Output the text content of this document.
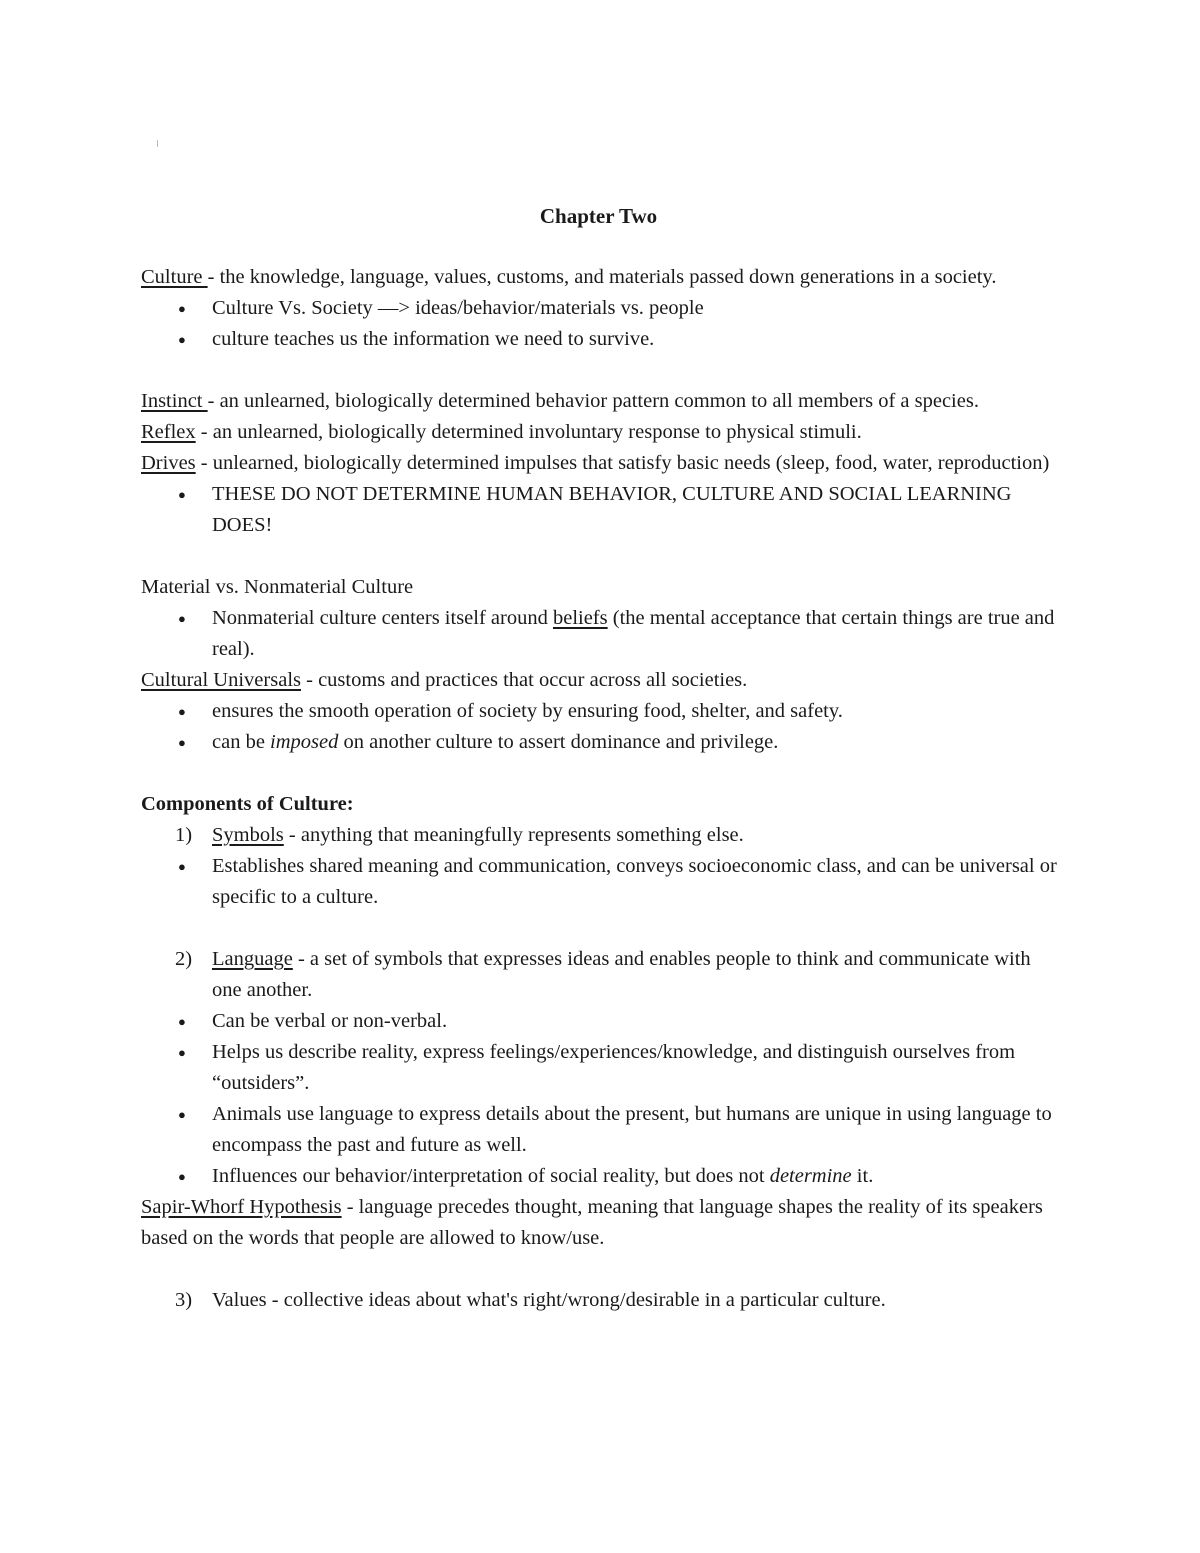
Chapter Two

Culture - the knowledge, language, values, customs, and materials passed down generations in a society.

● Culture Vs. Society —> ideas/behavior/materials vs. people
● culture teaches us the information we need to survive.

Instinct - an unlearned, biologically determined behavior pattern common to all members of a species.

Reflex - an unlearned, biologically determined involuntary response to physical stimuli.

Drives - unlearned, biologically determined impulses that satisfy basic needs (sleep, food, water, reproduction)

● THESE DO NOT DETERMINE HUMAN BEHAVIOR, CULTURE AND SOCIAL LEARNING DOES!

Material vs. Nonmaterial Culture

● Nonmaterial culture centers itself around beliefs (the mental acceptance that certain things are true and real).

Cultural Universals - customs and practices that occur across all societies.

● ensures the smooth operation of society by ensuring food, shelter, and safety.
● can be imposed on another culture to assert dominance and privilege.

Components of Culture:

1) Symbols - anything that meaningfully represents something else.
● Establishes shared meaning and communication, conveys socioeconomic class, and can be universal or specific to a culture.
2) Language - a set of symbols that expresses ideas and enables people to think and communicate with one another.
● Can be verbal or non-verbal.
● Helps us describe reality, express feelings/experiences/knowledge, and distinguish ourselves from “outsiders”.
● Animals use language to express details about the present, but humans are unique in using language to encompass the past and future as well.
● Influences our behavior/interpretation of social reality, but does not determine it.

Sapir-Whorf Hypothesis - language precedes thought, meaning that language shapes the reality of its speakers based on the words that people are allowed to know/use.

3) Values - collective ideas about what's right/wrong/desirable in a particular culture.
